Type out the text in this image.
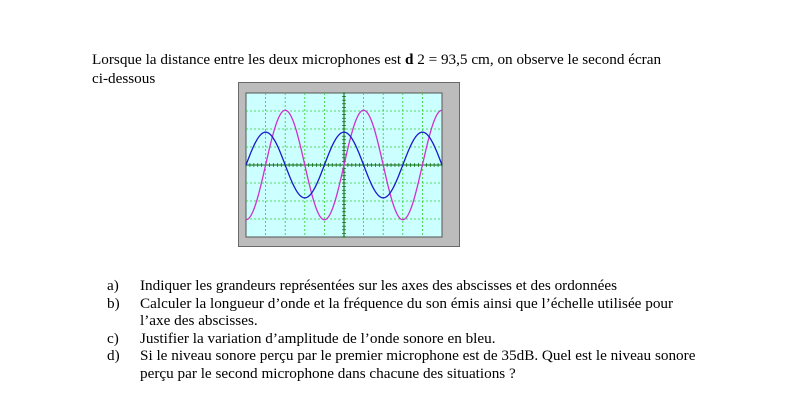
Lorsque la distance entre les deux microphones est d 2 = 93,5 cm, on observe le second écran
ci-dessous
a)	Indiquer les grandeurs représentées sur les axes des abscisses et des ordonnées
b)	Calculer la longueur d’onde et la fréquence du son émis ainsi que l’échelle utilisée pour l’axe des abscisses.
c)	Justifier la variation d’amplitude de l’onde sonore en bleu.
d)	Si le niveau sonore perçu par le premier microphone est de 35dB. Quel est le niveau sonore perçu par le second microphone dans chacune des situations ?
